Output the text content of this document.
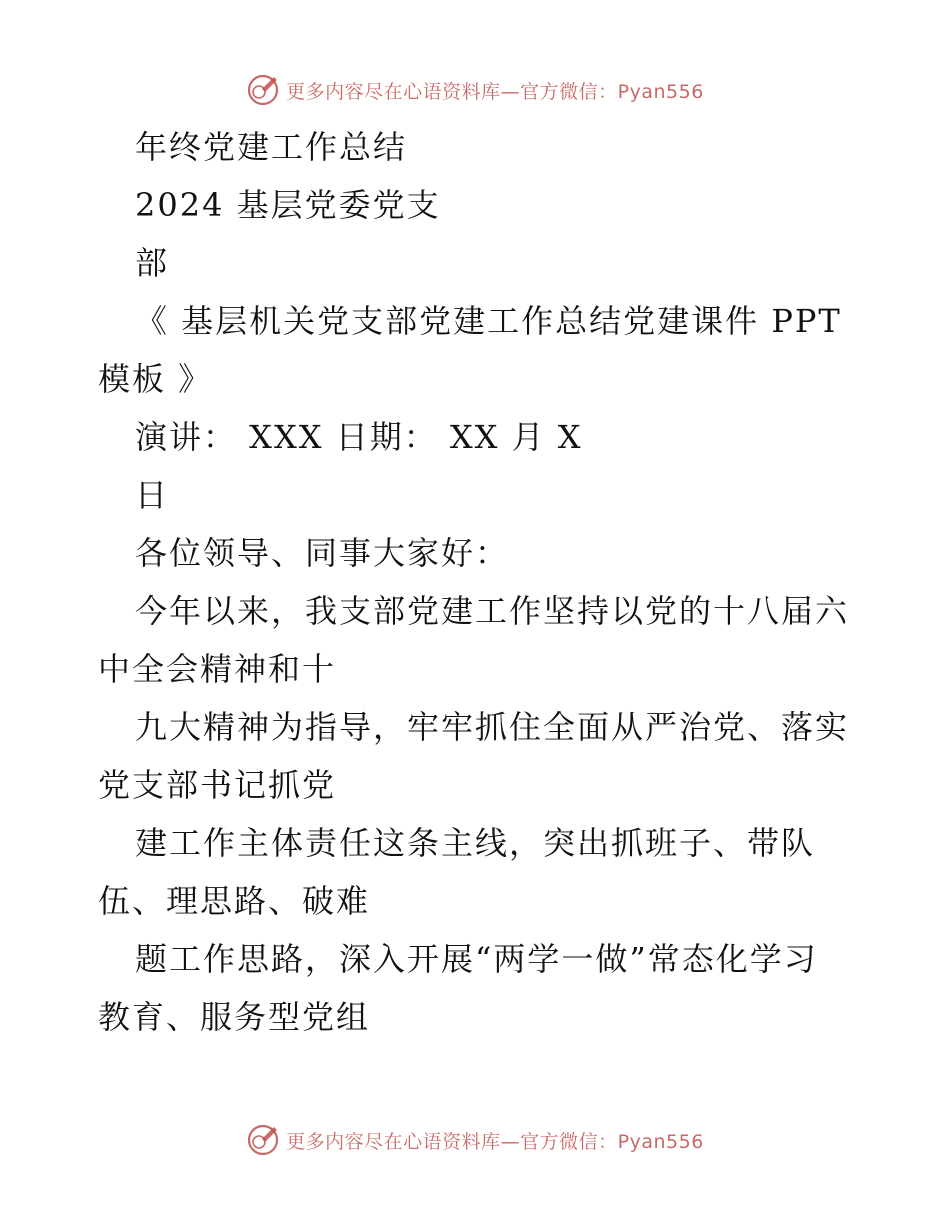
更多内容尽在心语资料库—官方微信：Pyan556
年终党建工作总结
2024 基层党委党支
部
《 基层机关党支部党建工作总结党建课件 PPT
模板 》
演讲： XXX 日期： XX 月 X
日
各位领导、同事大家好：
今年以来，我支部党建工作坚持以党的十八届六
中全会精神和十
九大精神为指导，牢牢抓住全面从严治党、落实
党支部书记抓党
建工作主体责任这条主线，突出抓班子、带队
伍、理思路、破难
题工作思路，深入开展“两学一做”常态化学习
教育、服务型党组
更多内容尽在心语资料库—官方微信：Pyan556
